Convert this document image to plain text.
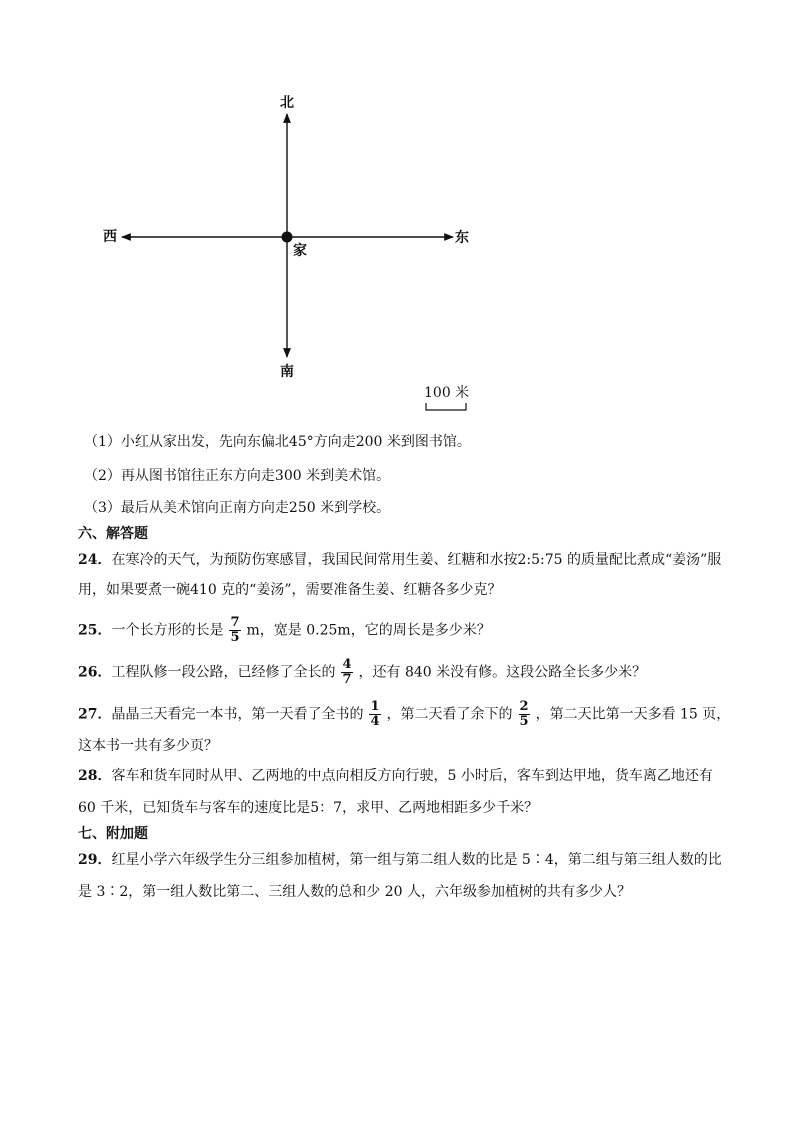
北
南
东
西
家
100 米
（1）小红从家出发，先向东偏北45°方向走200 米到图书馆。
（2）再从图书馆往正东方向走300 米到美术馆。
（3）最后从美术馆向正南方向走250 米到学校。
六、解答题
24．在寒冷的天气，为预防伤寒感冒，我国民间常用生姜、红糖和水按2:5:75 的质量配比煮成“姜汤”服
用，如果要煮一碗410 克的“姜汤”，需要准备生姜、红糖各多少克？
25．一个长方形的长是 $\frac{7}{5}$ m，宽是 0.25m，它的周长是多少米？
26．工程队修一段公路，已经修了全长的 $\frac{4}{7}$ ，还有 840 米没有修。这段公路全长多少米？
27．晶晶三天看完一本书，第一天看了全书的 $\frac{1}{4}$ ，第二天看了余下的 $\frac{2}{5}$ ，第二天比第一天多看 15 页，
这本书一共有多少页？
28．客车和货车同时从甲、乙两地的中点向相反方向行驶，5 小时后，客车到达甲地，货车离乙地还有
60 千米，已知货车与客车的速度比是5：7，求甲、乙两地相距多少千米？
七、附加题
29．红星小学六年级学生分三组参加植树，第一组与第二组人数的比是 5∶4，第二组与第三组人数的比
是 3∶2，第一组人数比第二、三组人数的总和少 20 人，六年级参加植树的共有多少人？
